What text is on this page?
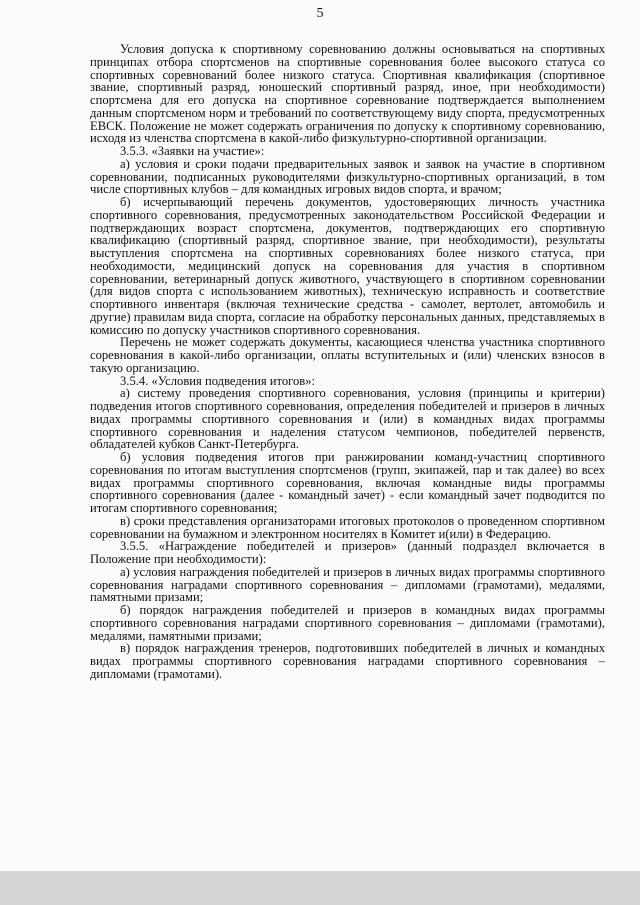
5

Условия допуска к спортивному соревнованию должны основываться на спортивных принципах отбора спортсменов на спортивные соревнования более высокого статуса со спортивных соревнований более низкого статуса. Спортивная квалификация (спортивное звание, спортивный разряд, юношеский спортивный разряд, иное, при необходимости) спортсмена для его допуска на спортивное соревнование подтверждается выполнением данным спортсменом норм и требований по соответствующему виду спорта, предусмотренных ЕВСК. Положение не может содержать ограничения по допуску к спортивному соревнованию, исходя из членства спортсмена в какой-либо физкультурно-спортивной организации.

3.5.3. «Заявки на участие»:

а) условия и сроки подачи предварительных заявок и заявок на участие в спортивном соревновании, подписанных руководителями физкультурно-спортивных организаций, в том числе спортивных клубов – для командных игровых видов спорта, и врачом;

б) исчерпывающий перечень документов, удостоверяющих личность участника спортивного соревнования, предусмотренных законодательством Российской Федерации и подтверждающих возраст спортсмена, документов, подтверждающих его спортивную квалификацию (спортивный разряд, спортивное звание, при необходимости), результаты выступления спортсмена на спортивных соревнованиях более низкого статуса, при необходимости, медицинский допуск на соревнования для участия в спортивном соревновании, ветеринарный допуск животного, участвующего в спортивном соревновании (для видов спорта с использованием животных), техническую исправность и соответствие спортивного инвентаря (включая технические средства - самолет, вертолет, автомобиль и другие) правилам вида спорта, согласие на обработку персональных данных, представляемых в комиссию по допуску участников спортивного соревнования.

Перечень не может содержать документы, касающиеся членства участника спортивного соревнования в какой-либо организации, оплаты вступительных и (или) членских взносов в такую организацию.

3.5.4. «Условия подведения итогов»:

а) систему проведения спортивного соревнования, условия (принципы и критерии) подведения итогов спортивного соревнования, определения победителей и призеров в личных видах программы спортивного соревнования и (или) в командных видах программы спортивного соревнования и наделения статусом чемпионов, победителей первенств, обладателей кубков Санкт-Петербурга.

б) условия подведения итогов при ранжировании команд-участниц спортивного соревнования по итогам выступления спортсменов (групп, экипажей, пар и так далее) во всех видах программы спортивного соревнования, включая командные виды программы спортивного соревнования (далее - командный зачет) - если командный зачет подводится по итогам спортивного соревнования;

в) сроки представления организаторами итоговых протоколов о проведенном спортивном соревновании на бумажном и электронном носителях в Комитет и(или) в Федерацию.

3.5.5. «Награждение победителей и призеров» (данный подраздел включается в Положение при необходимости):

а) условия награждения победителей и призеров в личных видах программы спортивного соревнования наградами спортивного соревнования – дипломами (грамотами), медалями, памятными призами;

б) порядок награждения победителей и призеров в командных видах программы спортивного соревнования наградами спортивного соревнования – дипломами (грамотами), медалями, памятными призами;

в) порядок награждения тренеров, подготовивших победителей в личных и командных видах программы спортивного соревнования наградами спортивного соревнования – дипломами (грамотами).
